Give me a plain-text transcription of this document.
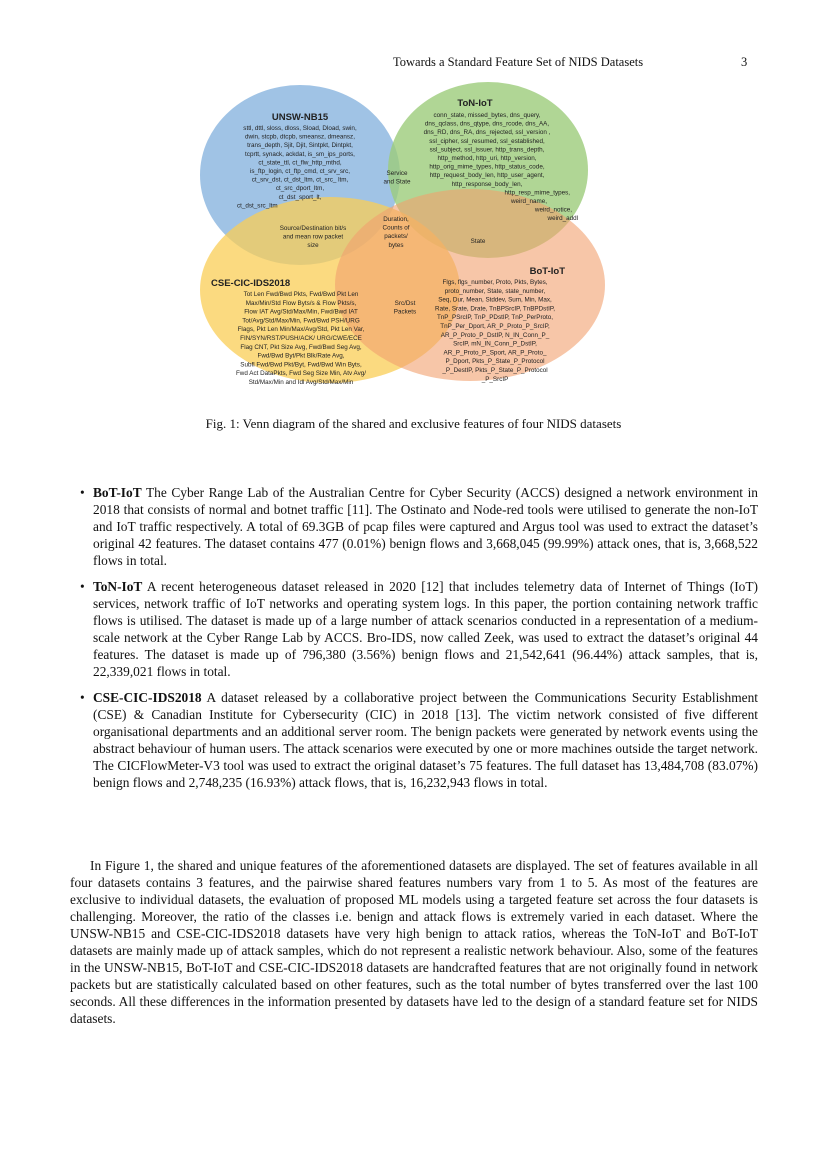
Towards a Standard Feature Set of NIDS Datasets	3
UNSW-NB15
sttl, dttl, sloss, dloss, Sload, Dload, swin,
dwin, stcpb, dtcpb, smeansz, dmeansz,
trans_depth, Sjit, Djit, Sintpkt, Dintpkt,
tcprtt, synack, ackdat, is_sm_ips_ports,
ct_state_ttl, ct_flw_http_mthd,
is_ftp_login, ct_ftp_cmd, ct_srv_src,
ct_srv_dst, ct_dst_ltm, ct_src_ ltm,
ct_src_dport_ltm,
ct_dst_sport_lt,
ct_dst_src_ltm
ToN-IoT
conn_state, missed_bytes, dns_query,
dns_qclass, dns_qtype, dns_rcode, dns_AA,
dns_RD, dns_RA, dns_rejected, ssl_version ,
ssl_cipher, ssl_resumed, ssl_established,
ssl_subject, ssl_issuer, http_trans_depth,
http_method, http_uri, http_version,
http_orig_mime_types, http_status_code,
http_request_body_len, http_user_agent,
http_response_body_len,
http_resp_mime_types,
weird_name,
weird_notice,
weird_addl
CSE-CIC-IDS2018
Tot Len Fwd/Bwd Pkts, Fwd/Bwd Pkt Len
Max/Min/Std Flow Byts/s & Flow Pkts/s,
Flow IAT Avg/Std/Max/Min, Fwd/Bwd IAT
Tot/Avg/Std/Max/Min, Fwd/Bwd PSH/URG
Flags, Pkt Len Min/Max/Avg/Std, Pkt Len Var,
FIN/SYN/RST/PUSH/ACK/ URG/CWE/ECE
Flag CNT, Pkt Size Avg, Fwd/Bwd Seg Avg,
Fwd/Bwd Byt/Pkt Blk/Rate Avg,
Subfl Fwd/Bwd Pkt/Byt, Fwd/Bwd Win Byts,
Fwd Act DataPkts, Fwd Seg Size Min, Atv Avg/
Std/Max/Min and Idl Avg/Std/Max/Min
BoT-IoT
Flgs, flgs_number, Proto, Pkts, Bytes,
proto_number, State, state_number,
Seq, Dur, Mean, Stddev, Sum, Min, Max,
Rate, Srate, Drate, TnBPSrcIP, TnBPDstIP,
TnP_PSrcIP, TnP_PDstIP, TnP_PerProto,
TnP_Per_Dport, AR_P_Proto_P_SrcIP,
AR_P_Proto_P_DstIP, N_IN_Conn_P_
SrcIP, mN_IN_Conn_P_DstIP,
AR_P_Proto_P_Sport, AR_P_Proto_
P_Dport, Pkts_P_State_P_Protocol
_P_DestIP, Pkts_P_State_P_Protocol
_P_SrcIP
Service
and State
Source/Destination bit/s
and mean row packet
size
Duration,
Counts of
packets/
bytes
State
Src/Dst
Packets
Fig. 1: Venn diagram of the shared and exclusive features of four NIDS datasets
• BoT-IoT The Cyber Range Lab of the Australian Centre for Cyber Security (ACCS) designed a network environment in 2018 that consists of normal and botnet traffic [11]. The Ostinato and Node-red tools were utilised to generate the non-IoT and IoT traffic respectively. A total of 69.3GB of pcap files were captured and Argus tool was used to extract the dataset’s original 42 features. The dataset contains 477 (0.01%) benign flows and 3,668,045 (99.99%) attack ones, that is, 3,668,522 flows in total.
• ToN-IoT A recent heterogeneous dataset released in 2020 [12] that includes telemetry data of Internet of Things (IoT) services, network traffic of IoT networks and operating system logs. In this paper, the portion containing network traffic flows is utilised. The dataset is made up of a large number of attack scenarios conducted in a representation of a medium-scale network at the Cyber Range Lab by ACCS. Bro-IDS, now called Zeek, was used to extract the dataset’s original 44 features. The dataset is made up of 796,380 (3.56%) benign flows and 21,542,641 (96.44%) attack samples, that is, 22,339,021 flows in total.
• CSE-CIC-IDS2018 A dataset released by a collaborative project between the Communications Security Establishment (CSE) & Canadian Institute for Cybersecurity (CIC) in 2018 [13]. The victim network consisted of five different organisational departments and an additional server room. The benign packets were generated by network events using the abstract behaviour of human users. The attack scenarios were executed by one or more machines outside the target network. The CICFlowMeter-V3 tool was used to extract the original dataset’s 75 features. The full dataset has 13,484,708 (83.07%) benign flows and 2,748,235 (16.93%) attack flows, that is, 16,232,943 flows in total.

In Figure 1, the shared and unique features of the aforementioned datasets are displayed. The set of features available in all four datasets contains 3 features, and the pairwise shared features numbers vary from 1 to 5. As most of the features are exclusive to individual datasets, the evaluation of proposed ML models using a targeted feature set across the four datasets is challenging. Moreover, the ratio of the classes i.e. benign and attack flows is extremely varied in each dataset. Where the UNSW-NB15 and CSE-CIC-IDS2018 datasets have very high benign to attack ratios, whereas the ToN-IoT and BoT-IoT datasets are mainly made up of attack samples, which do not represent a realistic network behaviour. Also, some of the features in the UNSW-NB15, BoT-IoT and CSE-CIC-IDS2018 datasets are handcrafted features that are not originally found in network packets but are statistically calculated based on other features, such as the total number of bytes transferred over the last 100 seconds. All these differences in the information presented by datasets have led to the design of a standard feature set for NIDS datasets.
